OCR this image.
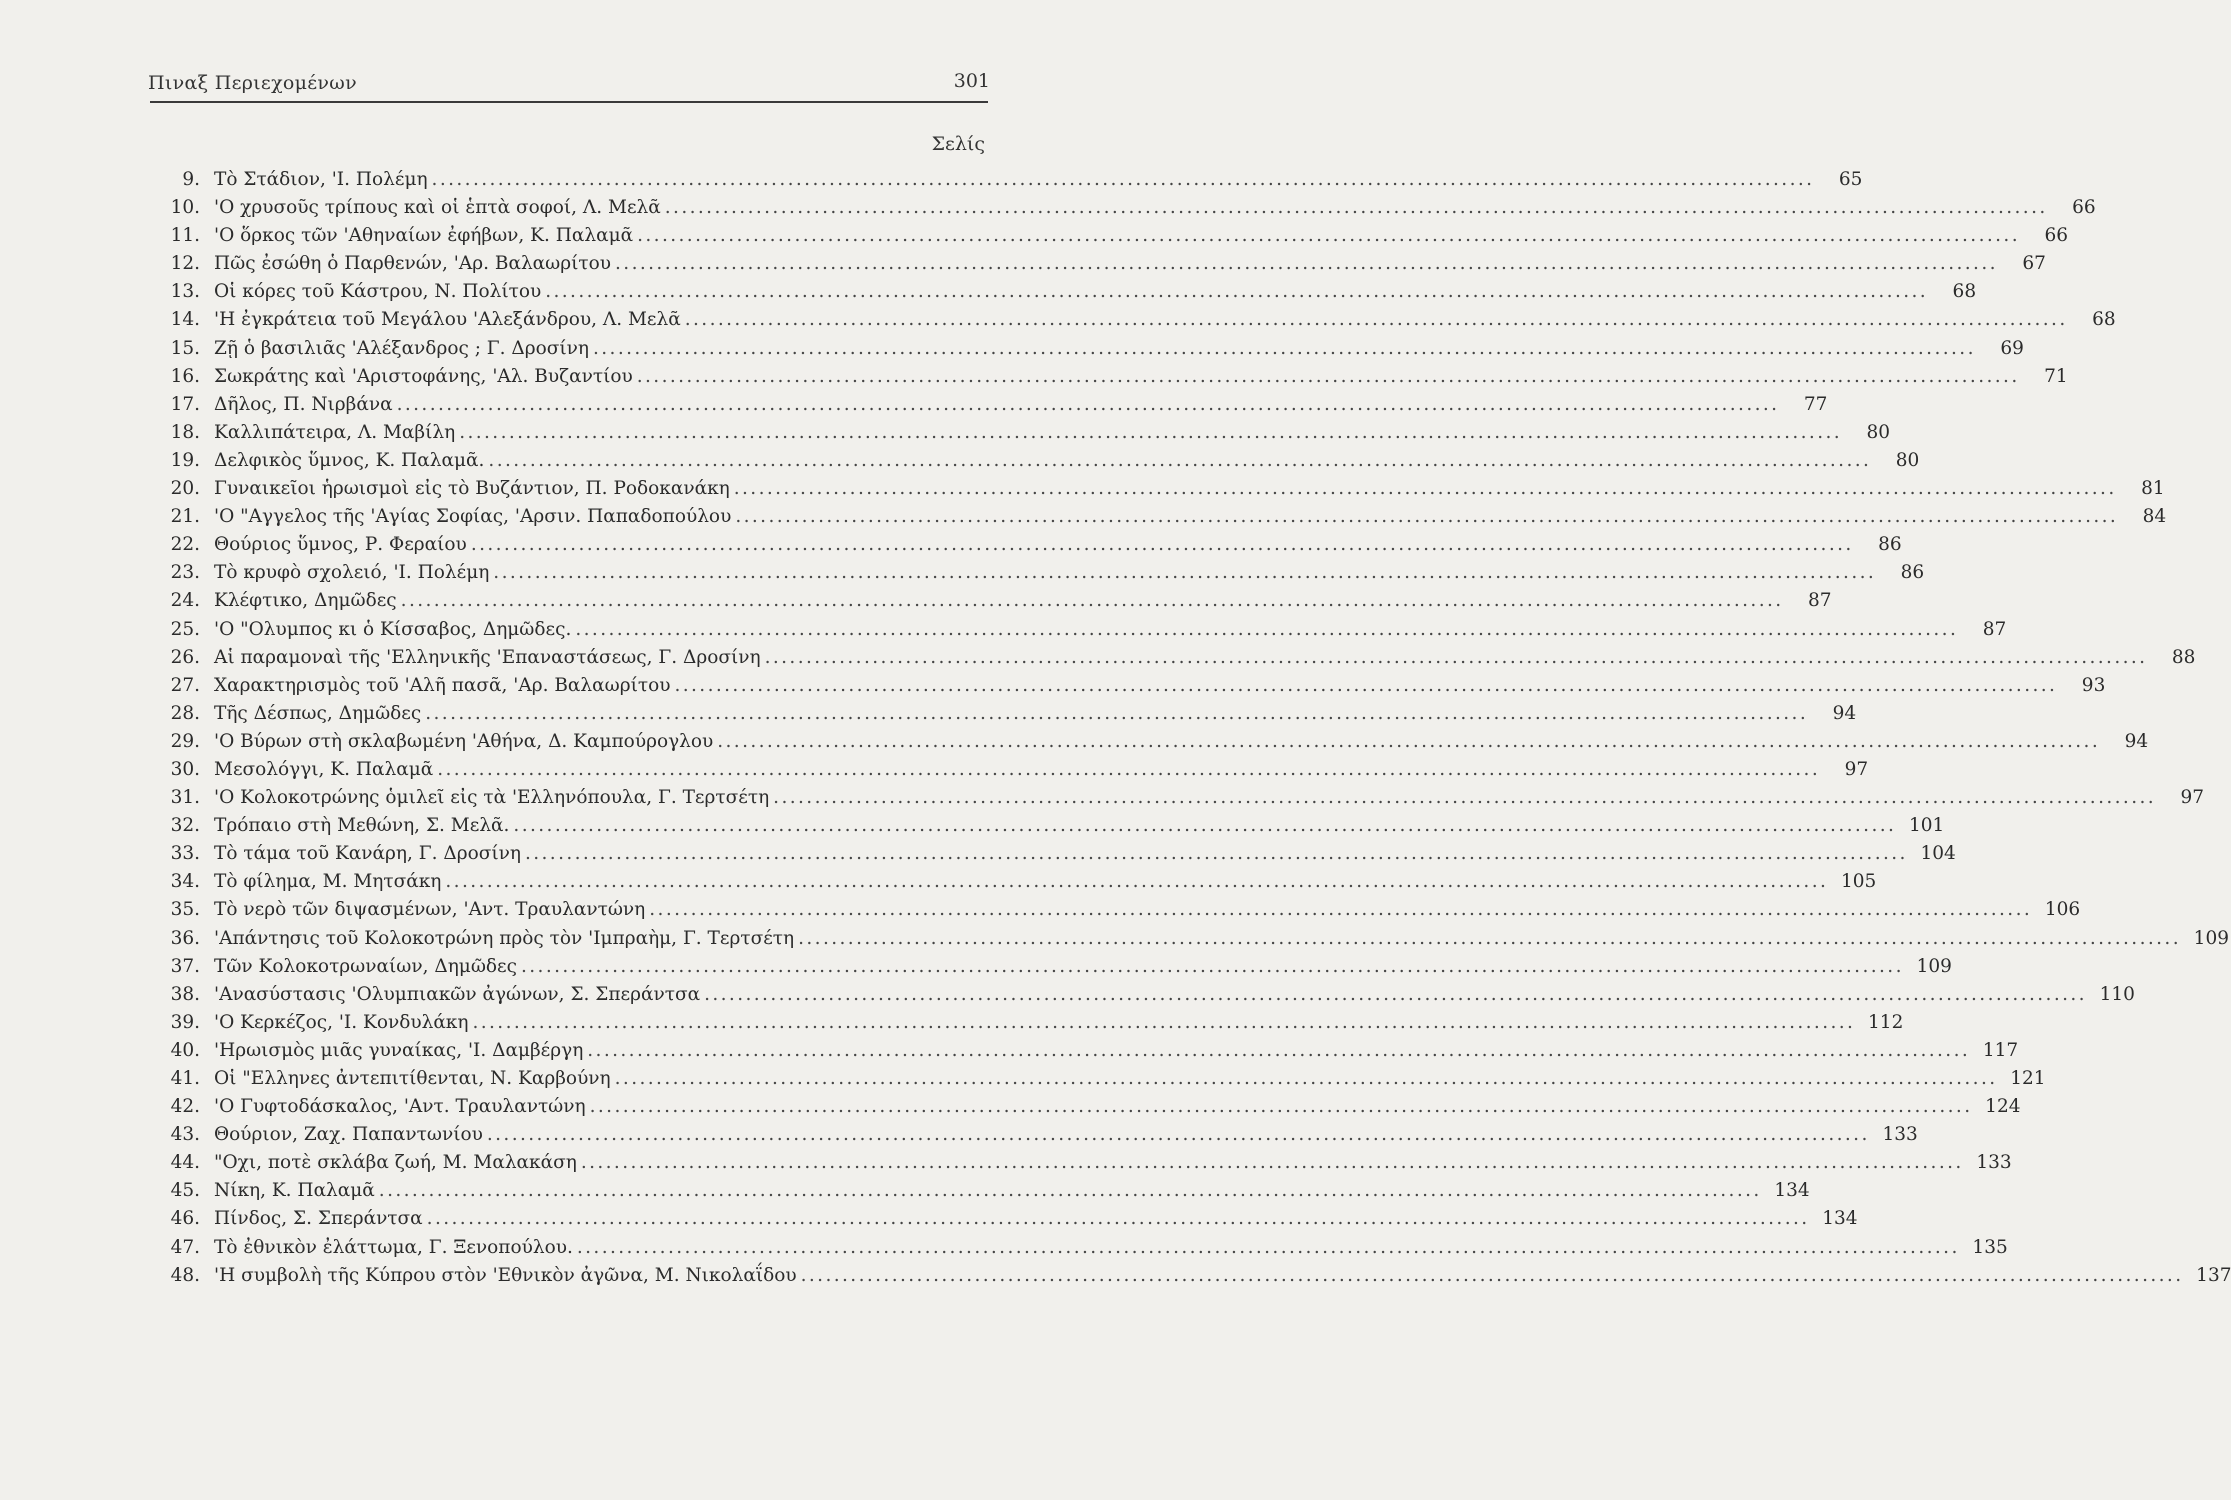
Πιναξ Περιεχομένων	301
Σελίς
9. Τὸ Στάδιον, 'Ι. Πολέμη .....	65
10. 'Ο χρυσοῦς τρίπους καὶ οἱ ἑπτὰ σοφοί, Λ. Μελᾶ .....	66
11. 'Ο ὅρκος τῶν 'Αθηναίων ἐφήβων, Κ. Παλαμᾶ .....	66
12. Πῶς ἐσώθη ὁ Παρθενών, 'Αρ. Βαλαωρίτου .....	67
13. Οἱ κόρες τοῦ Κάστρου, Ν. Πολίτου .....	68
14. 'Η ἐγκράτεια τοῦ Μεγάλου 'Αλεξάνδρου, Λ. Μελᾶ .....	68
15. Ζῇ ὁ βασιλιᾶς 'Αλέξανδρος ; Γ. Δροσίνη .....	69
16. Σωκράτης καὶ 'Αριστοφάνης, 'Αλ. Βυζαντίου .....	71
17. Δῆλος, Π. Νιρβάνα .....	77
18. Καλλιπάτειρα, Λ. Μαβίλη .....	80
19. Δελφικὸς ὕμνος, Κ. Παλαμᾶ. .....	80
20. Γυναικεῖοι ἡρωισμοὶ εἰς τὸ Βυζάντιον, Π. Ροδοκανάκη .....	81
21. 'Ο "Αγγελος τῆς 'Αγίας Σοφίας, 'Αρσιν. Παπαδοπούλου .....	84
22. Θούριος ὕμνος, Ρ. Φεραίου .....	86
23. Τὸ κρυφὸ σχολειό, 'Ι. Πολέμη .....	86
24. Κλέφτικο, Δημῶδες .....	87
25. 'Ο "Ολυμπος κι ὁ Κίσσαβος, Δημῶδες. .....	87
26. Αἱ παραμοναὶ τῆς 'Ελληνικῆς 'Επαναστάσεως, Γ. Δροσίνη .....	88
27. Χαρακτηρισμὸς τοῦ 'Αλῆ πασᾶ, 'Αρ. Βαλαωρίτου .....	93
28. Τῆς Δέσπως, Δημῶδες .....	94
29. 'Ο Βύρων στὴ σκλαβωμένη 'Αθήνα, Δ. Καμπούρογλου .....	94
30. Μεσολόγγι, Κ. Παλαμᾶ .....	97
31. 'Ο Κολοκοτρώνης ὁμιλεῖ εἰς τὰ 'Ελληνόπουλα, Γ. Τερτσέτη .....	97
32. Τρόπαιο στὴ Μεθώνη, Σ. Μελᾶ. .....	101
33. Τὸ τάμα τοῦ Κανάρη, Γ. Δροσίνη .....	104
34. Τὸ φίλημα, Μ. Μητσάκη .....	105
35. Τὸ νερὸ τῶν διψασμένων, 'Αντ. Τραυλαντώνη .....	106
36. 'Απάντησις τοῦ Κολοκοτρώνη πρὸς τὸν 'Ιμπραὴμ, Γ. Τερτσέτη .....	109
37. Τῶν Κολοκοτρωναίων, Δημῶδες .....	109
38. 'Ανασύστασις 'Ολυμπιακῶν ἀγώνων, Σ. Σπεράντσα .....	110
39. 'Ο Κερκέζος, 'Ι. Κονδυλάκη .....	112
40. 'Ηρωισμὸς μιᾶς γυναίκας, 'Ι. Δαμβέργη .....	117
41. Οἱ "Ελληνες ἀντεπιτίθενται, Ν. Καρβούνη .....	121
42. 'Ο Γυφτοδάσκαλος, 'Αντ. Τραυλαντώνη .....	124
43. Θούριον, Ζαχ. Παπαντωνίου .....	133
44. "Οχι, ποτὲ σκλάβα ζωή, Μ. Μαλακάση .....	133
45. Νίκη, Κ. Παλαμᾶ .....	134
46. Πίνδος, Σ. Σπεράντσα .....	134
47. Τὸ ἐθνικὸν ἐλάττωμα, Γ. Ξενοπούλου. .....	135
48. 'Η συμβολὴ τῆς Κύπρου στὸν 'Εθνικὸν ἀγῶνα, Μ. Νικολαΐδου .....	137
